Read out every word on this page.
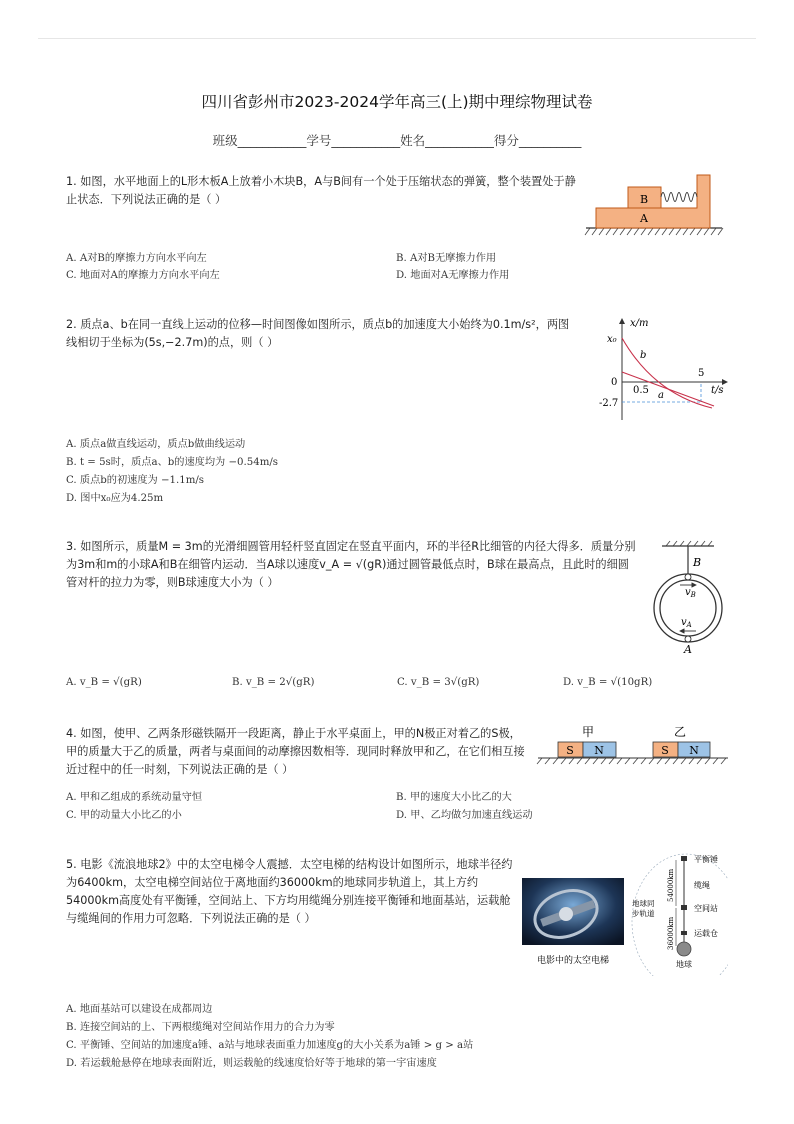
四川省彭州市2023-2024学年高三(上)期中理综物理试卷
班级___________学号___________姓名___________得分__________
1. 如图，水平地面上的L形木板A上放着小木块B，A与B间有一个处于压缩状态的弹簧，整个装置处于静止状态．下列说法正确的是（ ）	B
A
A. A对B的摩擦力方向水平向左	B. A对B无摩擦力作用
C. 地面对A的摩擦力方向水平向左	D. 地面对A无摩擦力作用
2. 质点a、b在同一直线上运动的位移—时间图像如图所示，质点b的加速度大小始终为0.1m/s²，两图线相切于坐标为(5s,−2.7m)的点，则（ ）
x/m
t/s
x₀
0
0.5
5
-2.7
b
a
A. 质点a做直线运动，质点b做曲线运动
B. t = 5s时，质点a、b的速度均为 −0.54m/s
C. 质点b的初速度为 −1.1m/s
D. 图中x₀应为4.25m
3. 如图所示，质量M = 3m的光滑细圆管用轻杆竖直固定在竖直平面内，环的半径R比细管的内径大得多．质量分别为3m和m的小球A和B在细管内运动．当A球以速度v_A = √(gR)通过圆管最低点时，B球在最高点，且此时的细圆管对杆的拉力为零，则B球速度大小为（ ）
B
$v_B$
$v_A$
A
A. v_B = √(gR)	B. v_B = 2√(gR)	C. v_B = 3√(gR)	D. v_B = √(10gR)
4. 如图，使甲、乙两条形磁铁隔开一段距离，静止于水平桌面上，甲的N极正对着乙的S极，甲的质量大于乙的质量，两者与桌面间的动摩擦因数相等．现同时释放甲和乙，在它们相互接近过程中的任一时刻，下列说法正确的是（ ）
甲	乙
S N	S N
A. 甲和乙组成的系统动量守恒	B. 甲的速度大小比乙的大
C. 甲的动量大小比乙的小	D. 甲、乙均做匀加速直线运动
5. 电影《流浪地球2》中的太空电梯令人震撼．太空电梯的结构设计如图所示，地球半径约为6400km，太空电梯空间站位于离地面约36000km的地球同步轨道上，其上方约54000km高度处有平衡锤，空间站上、下方均用缆绳分别连接平衡锤和地面基站，运载舱与缆绳间的作用力可忽略．下列说法正确的是（ ）
电影中的太空电梯
平衡锤
缆绳
空间站
运载仓
地球
地球同
步轨道
54000km
36000km
A. 地面基站可以建设在成都周边
B. 连接空间站的上、下两根缆绳对空间站作用力的合力为零
C. 平衡锤、空间站的加速度a锤、a站与地球表面重力加速度g的大小关系为a锤 > g > a站
D. 若运载舱悬停在地球表面附近，则运载舱的线速度恰好等于地球的第一宇宙速度
